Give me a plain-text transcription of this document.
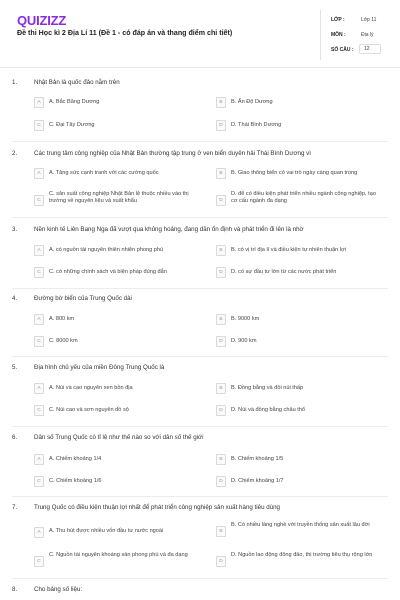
QUIZIZZ
Đề thi Học kì 2 Địa Lí 11 (Đề 1 - có đáp án và thang điểm chi tiết)
LỚP :	Lớp 11
MÔN :	Địa lý
SỐ CÂU : 12
1.	Nhật Bản là quốc đảo nằm trên
A	A. Bắc Băng Dương	B	B. Ấn Độ Dương
C	C. Đại Tây Dương	D	D. Thái Bình Dương
2.	Các trung tâm công nghiệp của Nhật Bản thường tập trung ở ven biển duyên hải Thái Bình Dương vì
A	A. Tăng sức cạnh tranh với các cường quốc	B	B. Giao thông biển có vai trò ngày càng quan trọng
C
C. sản xuất công nghiệp Nhật Bản lệ thuộc nhiều vào thị trường về nguyên liệu và xuất khẩu	D
D. để có điều kiện phát triển nhiều ngành công nghiệp, tạo cơ cấu ngành đa dạng
3.	Nền kinh tế Liên Bang Nga đã vượt qua khủng hoảng, đang dần ổn định và phát triển đi lên là nhờ
A	A. có nguồn tài nguyên thiên nhiên phong phú	B	B. có vị trí địa lí và điều kiện tự nhiên thuận lợi
C	C. có những chính sách và biện pháp đúng đắn	D	D. có sự đầu tư lớn từ các nước phát triển
4.	Đường bờ biển của Trung Quốc dài
A	A. 800 km	B	B. 9000 km
C	C. 8000 km	D	D. 900 km
5.	Địa hình chủ yếu của miền Đông Trung Quốc là
A	A. Núi và cao nguyên xen bồn địa	B	B. Đồng bằng và đồi núi thấp
C	C. Núi cao và sơn nguyên đồ sộ	D	D. Núi và đồng bằng châu thổ
6.	Dân số Trung Quốc có tỉ lệ như thế nào so với dân số thế giới
A	A. Chiếm khoảng 1/4	B	B. Chiếm khoảng 1/5
C	C. Chiếm khoảng 1/6	D	D. Chiếm khoảng 1/7
7.	Trung Quốc có điều kiện thuận lợi nhất để phát triển công nghiệp sản xuất hàng tiêu dùng
A	A. Thu hút được nhiều vốn đầu tư nước ngoài	B
B. Có nhiều làng nghề với truyền thống sản xuất lâu đời
C
C. Nguồn tài nguyên khoáng sản phong phú và đa dạng
D
D. Nguồn lao động đông đảo, thị trường tiêu thụ rộng lớn
8.	Cho bảng số liệu:
